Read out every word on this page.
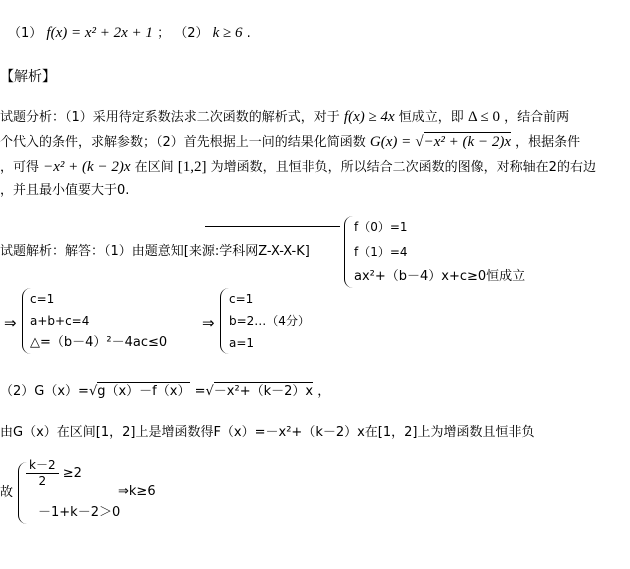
（1） f(x) = x² + 2x + 1 ； （2） k ≥ 6 .
【解析】
试题分析：（1）采用待定系数法求二次函数的解析式，对于 f(x) ≥ 4x 恒成立，即 Δ ≤ 0 ，结合前两
个代入的条件，求解参数；（2）首先根据上一问的结果化简函数 G(x) = √−x² + (k − 2)x ，根据条件
，可得 −x² + (k − 2)x 在区间 [1,2] 为增函数，且恒非负，所以结合二次函数的图像，对称轴在2的右边
，并且最小值要大于0.
试题解析：解答：（1）由题意知[来源:学科网Z-X-X-K]
f（0）=1
f（1）=4
ax²+（b－4）x+c≥0恒成立
⇒
c=1
a+b+c=4
△=（b－4）²－4ac≤0
⇒
c=1
b=2…（4分）
a=1
（2）G（x）=√g（x）－f（x） =√－x²+（k－2）x ，
由G（x）在区间[1，2]上是增函数得F（x）=－x²+（k－2）x在[1，2]上为增函数且恒非负
故
$\frac{k-2}{2} \ge 2$
－1+k－2＞0
⇒k≥6
